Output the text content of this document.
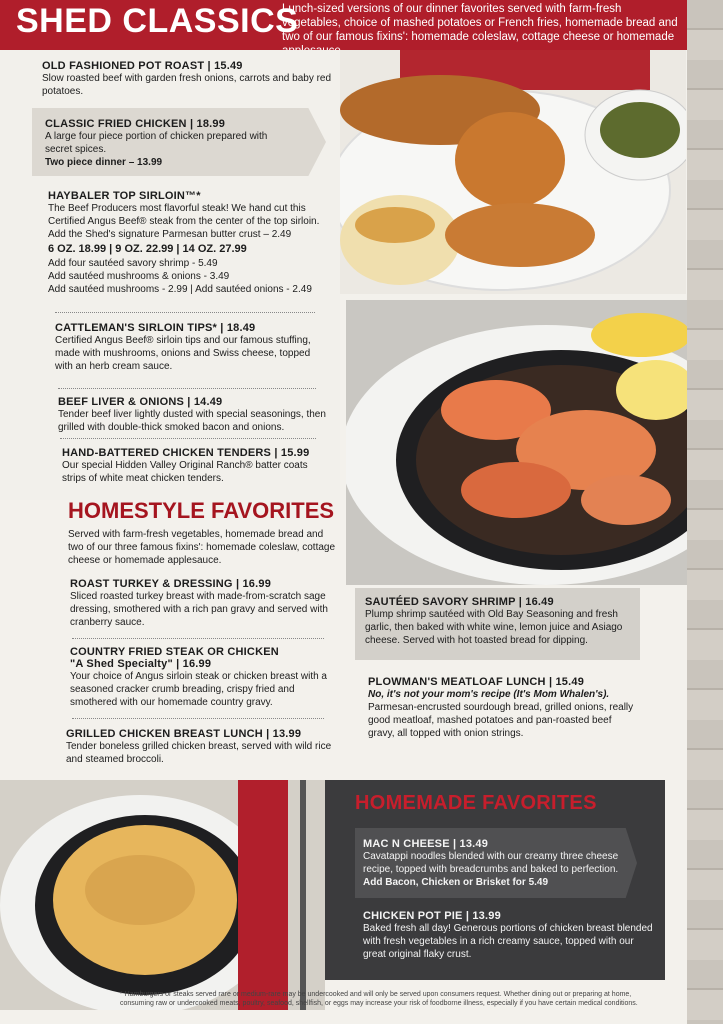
SHED CLASSICS
Lunch-sized versions of our dinner favorites served with farm-fresh vegetables, choice of mashed potatoes or French fries, homemade bread and two of our famous fixins': homemade coleslaw, cottage cheese or homemade
OLD FASHIONED POT ROAST | 15.49
Slow roasted beef with garden fresh onions, carrots and baby red potatoes.
CLASSIC FRIED CHICKEN | 18.99
A large four piece portion of chicken prepared with secret spices.
Two piece dinner – 13.99
HAYBALER TOP SIRLOIN™*
The Beef Producers most flavorful steak! We hand cut this Certified Angus Beef® steak from the center of the top sirloin. Add the Shed's signature Parmesan butter crust – 2.49
6 OZ. 18.99 | 9 OZ. 22.99 | 14 OZ. 27.99
Add four sautéed savory shrimp - 5.49
Add sautéed mushrooms & onions - 3.49
Add sautéed mushrooms - 2.99 | Add sautéed onions - 2.49
CATTLEMAN'S SIRLOIN TIPS* | 18.49
Certified Angus Beef® sirloin tips and our famous stuffing, made with mushrooms, onions and Swiss cheese, topped with an herb cream sauce.
BEEF LIVER & ONIONS | 14.49
Tender beef liver lightly dusted with special seasonings, then grilled with double-thick smoked bacon and onions.
HAND-BATTERED CHICKEN TENDERS | 15.99
Our special Hidden Valley Original Ranch® batter coats strips of white meat chicken tenders.
HOMESTYLE FAVORITES
Served with farm-fresh vegetables, homemade bread and two of our three famous fixins': homemade coleslaw, cottage cheese or homemade applesauce.
ROAST TURKEY & DRESSING | 16.99
Sliced roasted turkey breast with made-from-scratch sage dressing, smothered with a rich pan gravy and served with cranberry sauce.
COUNTRY FRIED STEAK OR CHICKEN
"A Shed Specialty" | 16.99
Your choice of Angus sirloin steak or chicken breast with a seasoned cracker crumb breading, crispy fried and smothered with our homemade country gravy.
GRILLED CHICKEN BREAST LUNCH | 13.99
Tender boneless grilled chicken breast, served with wild rice and steamed broccoli.
SAUTÉED SAVORY SHRIMP | 16.49
Plump shrimp sautéed with Old Bay Seasoning and fresh garlic, then baked with white wine, lemon juice and Asiago cheese. Served with hot toasted bread for dipping.
PLOWMAN'S MEATLOAF LUNCH | 15.49
No, it's not your mom's recipe (It's Mom Whalen's).
Parmesan-encrusted sourdough bread, grilled onions, really good meatloaf, mashed potatoes and pan-roasted beef gravy, all topped with onion strings.
HOMEMADE FAVORITES
MAC N CHEESE | 13.49
Cavatappi noodles blended with our creamy three cheese recipe, topped with breadcrumbs and baked to perfection.
Add Bacon, Chicken or Brisket for 5.49
CHICKEN POT PIE | 13.99
Baked fresh all day! Generous portions of chicken breast blended with fresh vegetables in a rich creamy sauce, topped with our great original flaky crust.
* Hamburgers or steaks served rare or medium-rare may be undercooked and will only be served upon consumers request. Whether dining out or preparing at home, consuming raw or undercooked meats, poultry, seafood, shellfish, or eggs may increase your risk of foodborne illness, especially if you have certain medical conditions.
